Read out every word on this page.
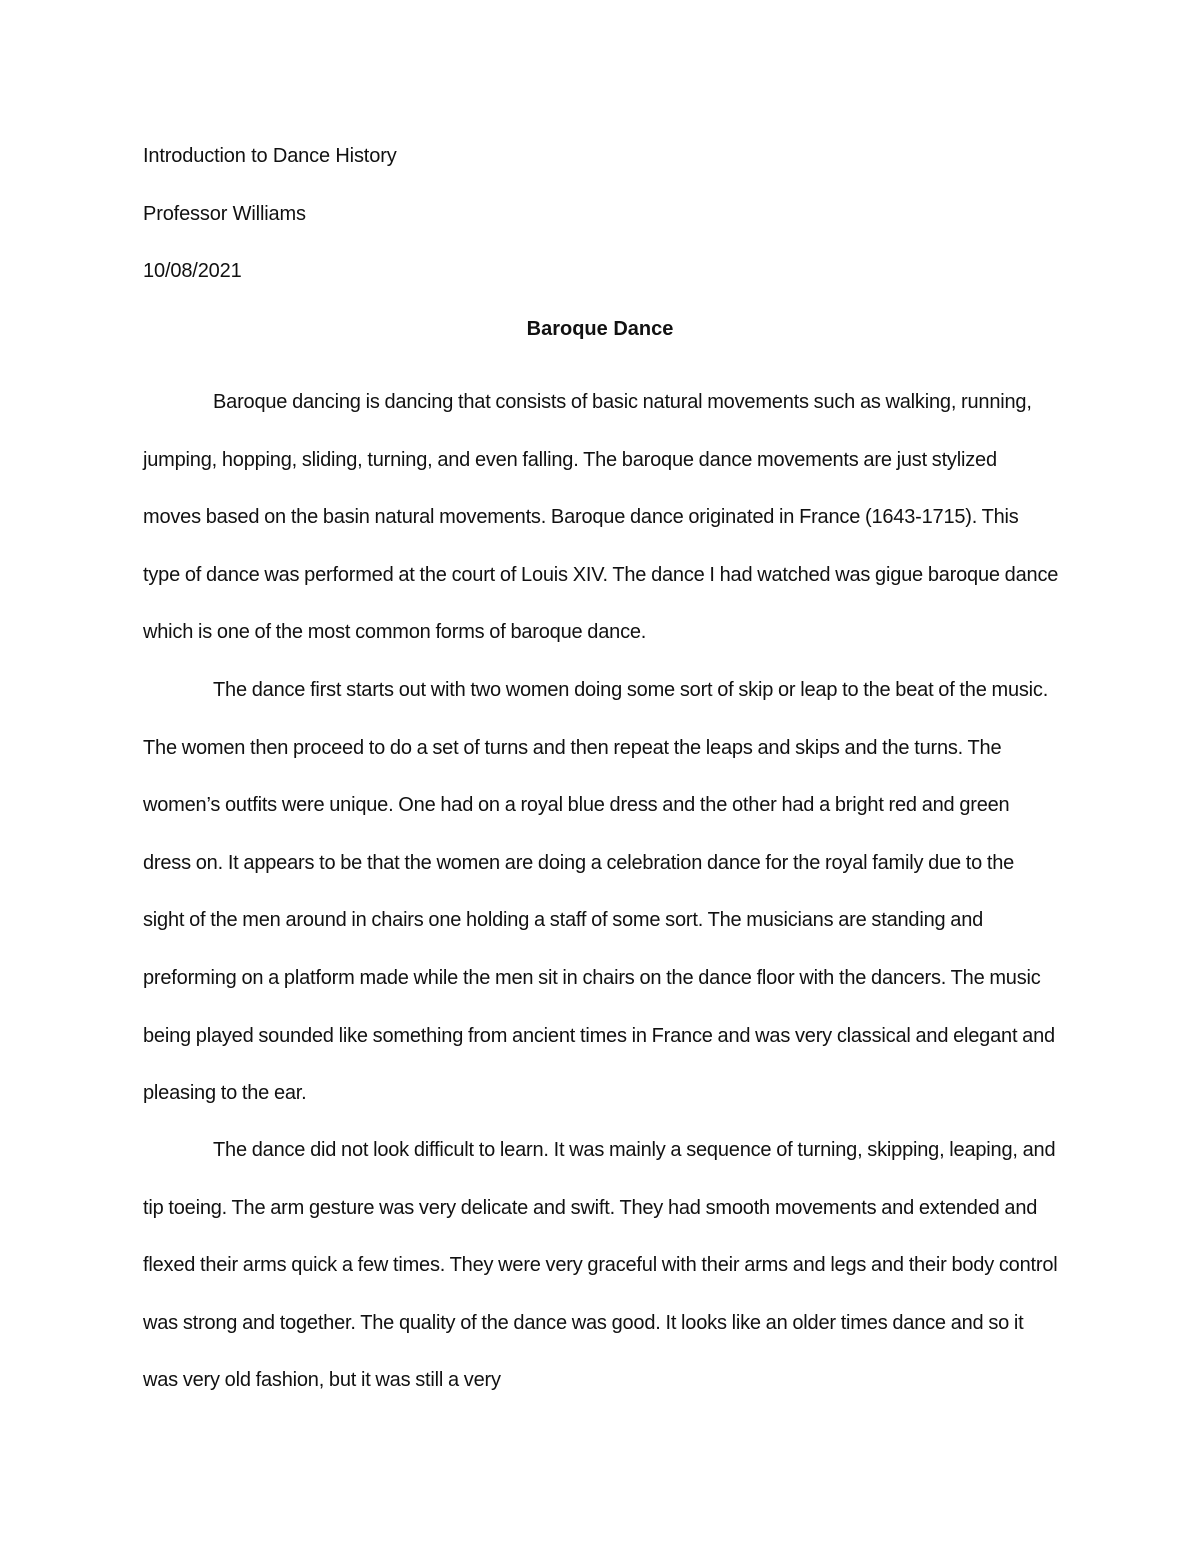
Introduction to Dance History
Professor Williams
10/08/2021
Baroque Dance

Baroque dancing is dancing that consists of basic natural movements such as walking, running, jumping, hopping, sliding, turning, and even falling. The baroque dance movements are just stylized moves based on the basin natural movements. Baroque dance originated in France (1643-1715). This type of dance was performed at the court of Louis XIV. The dance I had watched was gigue baroque dance which is one of the most common forms of baroque dance.

The dance first starts out with two women doing some sort of skip or leap to the beat of the music. The women then proceed to do a set of turns and then repeat the leaps and skips and the turns. The women’s outfits were unique. One had on a royal blue dress and the other had a bright red and green dress on. It appears to be that the women are doing a celebration dance for the royal family due to the sight of the men around in chairs one holding a staff of some sort. The musicians are standing and preforming on a platform made while the men sit in chairs on the dance floor with the dancers. The music being played sounded like something from ancient times in France and was very classical and elegant and pleasing to the ear.

The dance did not look difficult to learn. It was mainly a sequence of turning, skipping, leaping, and tip toeing. The arm gesture was very delicate and swift. They had smooth movements and extended and flexed their arms quick a few times. They were very graceful with their arms and legs and their body control was strong and together. The quality of the dance was good. It looks like an older times dance and so it was very old fashion, but it was still a very
